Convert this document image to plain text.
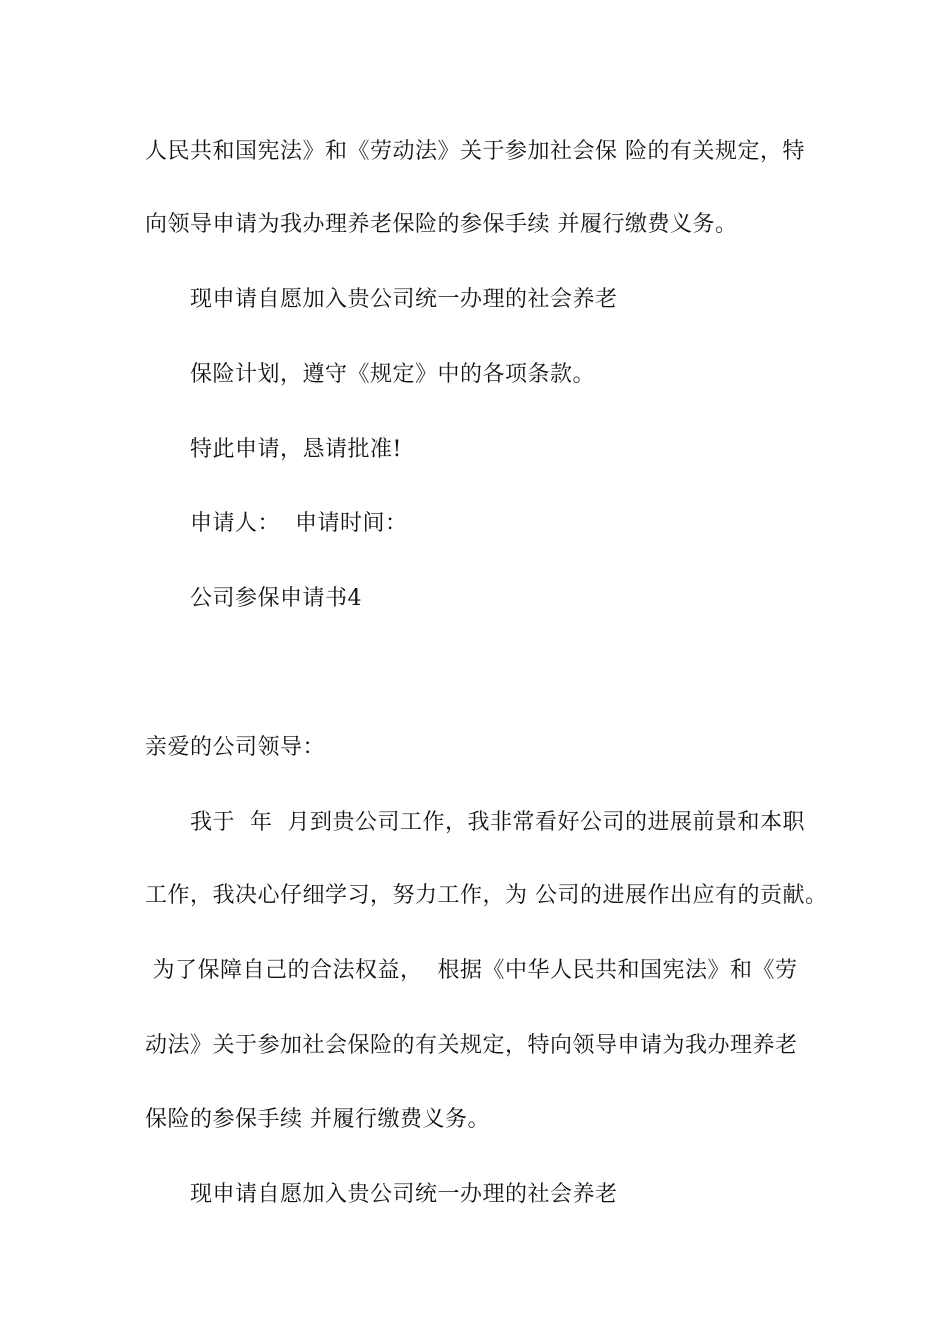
人民共和国宪法》和《劳动法》关于参加社会保 险的有关规定，特
向领导申请为我办理养老保险的参保手续 并履行缴费义务。
现申请自愿加入贵公司统一办理的社会养老
保险计划，遵守《规定》中的各项条款。
特此申请，恳请批准!
申请人：  申请时间：
公司参保申请书4
亲爱的公司领导：
我于  年  月到贵公司工作，我非常看好公司的进展前景和本职
工作，我决心仔细学习，努力工作，为 公司的进展作出应有的贡献。
为了保障自己的合法权益，  根据《中华人民共和国宪法》和《劳
动法》关于参加社会保险的有关规定，特向领导申请为我办理养老
保险的参保手续 并履行缴费义务。
现申请自愿加入贵公司统一办理的社会养老
